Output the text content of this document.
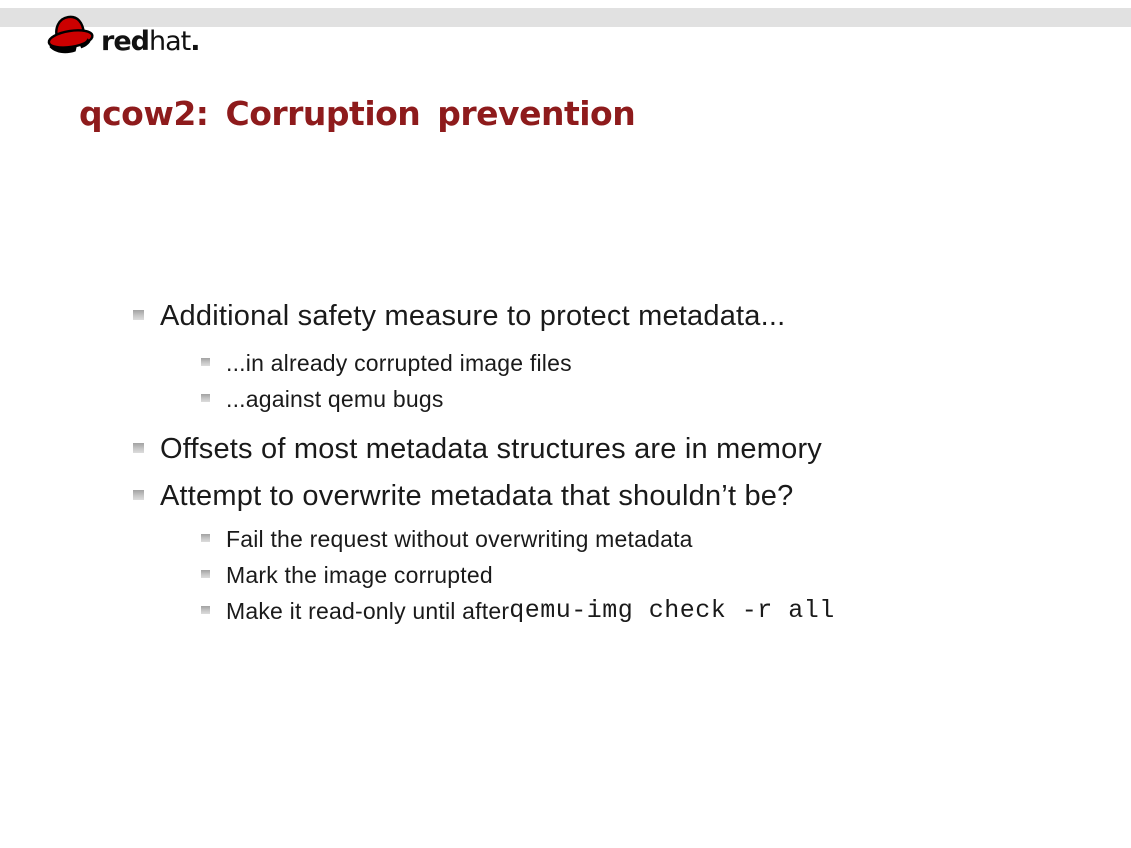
redhat.
qcow2: Corruption prevention
Additional safety measure to protect metadata...
...in already corrupted image files
...against qemu bugs
Offsets of most metadata structures are in memory
Attempt to overwrite metadata that shouldn’t be?
Fail the request without overwriting metadata
Mark the image corrupted
Make it read-only until after qemu-img check -r all
